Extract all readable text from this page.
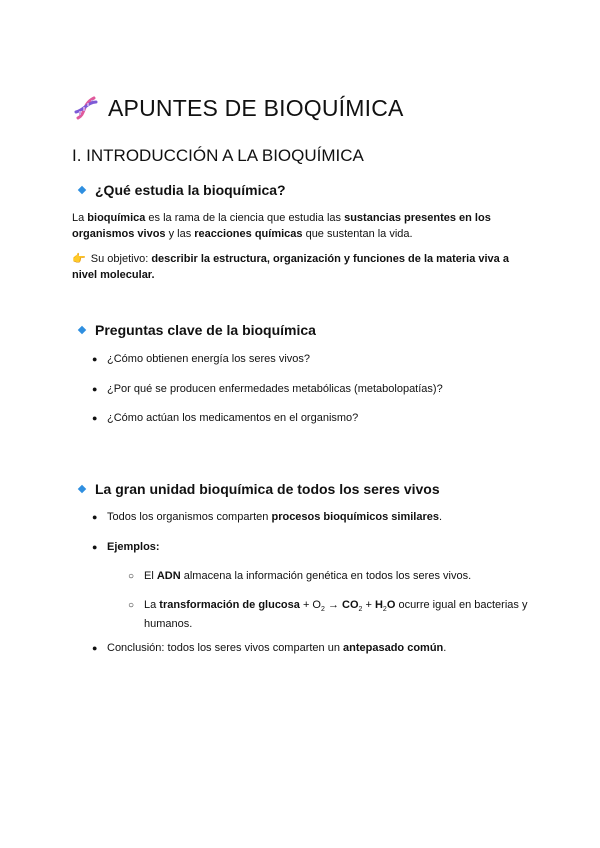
APUNTES DE BIOQUÍMICA
I. INTRODUCCIÓN A LA BIOQUÍMICA
¿Qué estudia la bioquímica?
La bioquímica es la rama de la ciencia que estudia las sustancias presentes en los organismos vivos y las reacciones químicas que sustentan la vida.
👉 Su objetivo: describir la estructura, organización y funciones de la materia viva a nivel molecular.
Preguntas clave de la bioquímica
● ¿Cómo obtienen energía los seres vivos?
● ¿Por qué se producen enfermedades metabólicas (metabolopatías)?
● ¿Cómo actúan los medicamentos en el organismo?
La gran unidad bioquímica de todos los seres vivos
● Todos los organismos comparten procesos bioquímicos similares.
● Ejemplos:
○ El ADN almacena la información genética en todos los seres vivos.
○ La transformación de $glucosa + O_2 \to CO_2 + H_2O$ ocurre igual en bacterias y humanos.
● Conclusión: todos los seres vivos comparten un antepasado común.
